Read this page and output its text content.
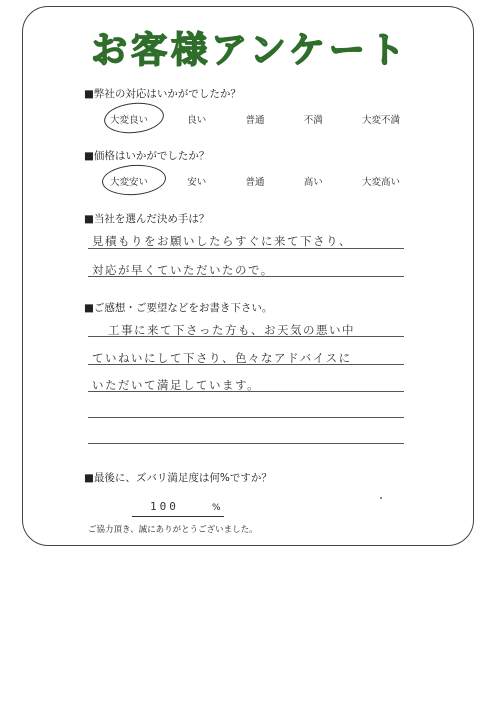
お客様アンケート
■弊社の対応はいかがでしたか？
大変良い	良い	普通	不満	大変不満
■価格はいかがでしたか？
大変安い	安い	普通	高い	大変高い
■当社を選んだ決め手は？
見積もりをお願いしたらすぐに来て下さり、
対応が早くていただいたので。
■ご感想・ご要望などをお書き下さい。
工事に来て下さった方も、お天気の悪い中
ていねいにして下さり、色々なアドバイスに
いただいて満足しています。
■最後に、ズバリ満足度は何%ですか？
100	%
ご協力頂き、誠にありがとうございました。
